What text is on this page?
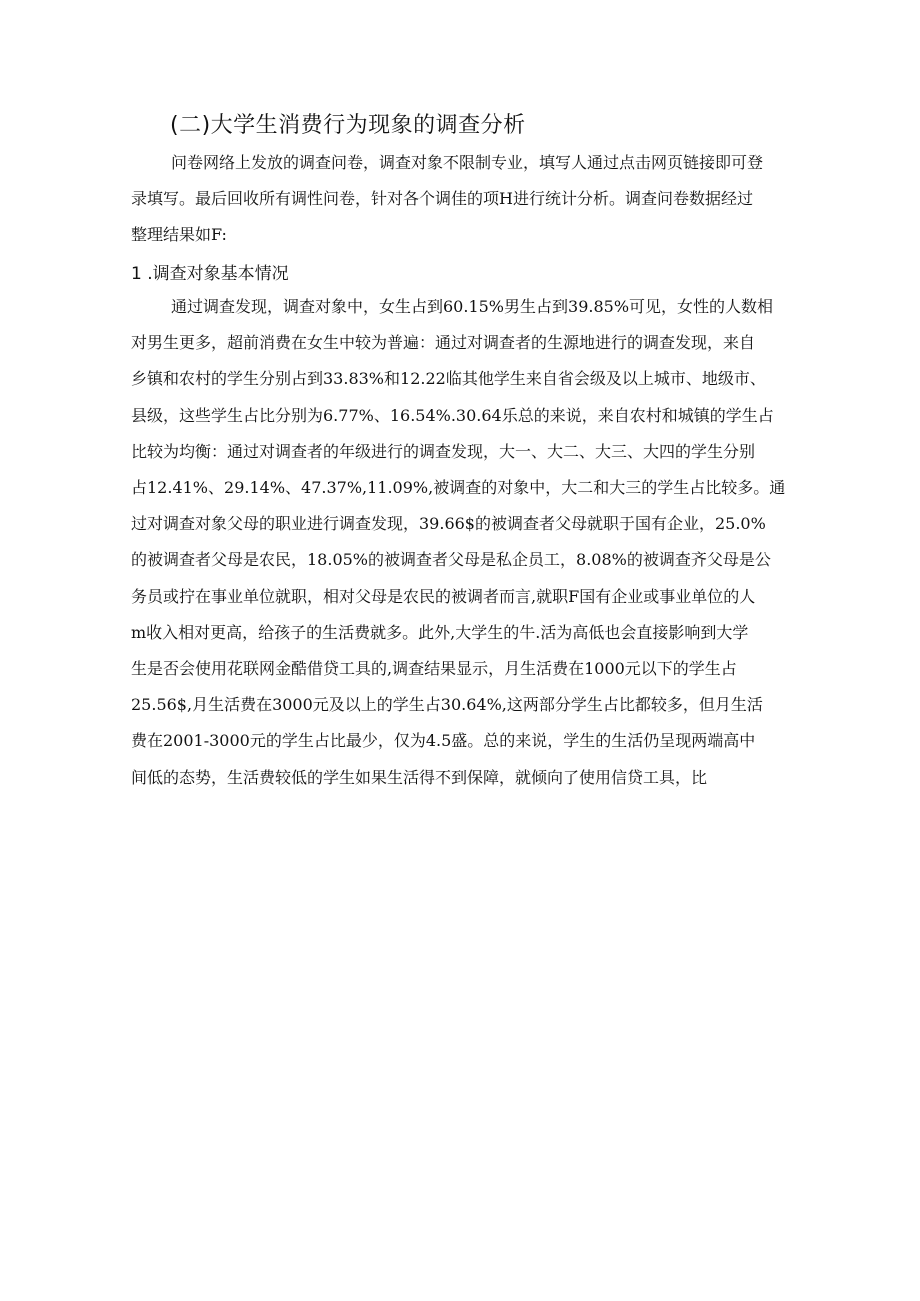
(二)大学生消费行为现象的调查分析
问卷网络上发放的调查问卷，调查对象不限制专业，填写人通过点击网页链接即可登
录填写。最后回收所有调性问卷，针对各个调佳的项H进行统计分析。调查问卷数据经过
整理结果如F:
1 .调查对象基本情况
通过调查发现，调查对象中，女生占到60.15%男生占到39.85%可见，女性的人数相
对男生更多，超前消费在女生中较为普遍：通过对调查者的生源地进行的调查发现，来自
乡镇和农村的学生分别占到33.83%和12.22临其他学生来自省会级及以上城市、地级市、
县级，这些学生占比分别为6.77%、16.54%.30.64乐总的来说，来自农村和城镇的学生占
比较为均衡：通过对调查者的年级进行的调查发现，大一、大二、大三、大四的学生分别
占12.41%、29.14%、47.37%,11.09%,被调查的对象中，大二和大三的学生占比较多。通
过对调查对象父母的职业进行调查发现，39.66$的被调查者父母就职于国有企业，25.0%
的被调查者父母是农民，18.05%的被调查者父母是私企员工，8.08%的被调查齐父母是公
务员或拧在事业单位就职，相对父母是农民的被调者而言,就职F国有企业或事业单位的人
m收入相对更高，给孩子的生活费就多。此外,大学生的牛.活为高低也会直接影响到大学
生是否会使用花联网金酷借贷工具的,调查结果显示，月生活费在1000元以下的学生占
25.56$,月生活费在3000元及以上的学生占30.64%,这两部分学生占比都较多，但月生活
费在2001-3000元的学生占比最少，仅为4.5盛。总的来说，学生的生活仍呈现两端高中
间低的态势，生活费较低的学生如果生活得不到保障，就倾向了使用信贷工具，比
